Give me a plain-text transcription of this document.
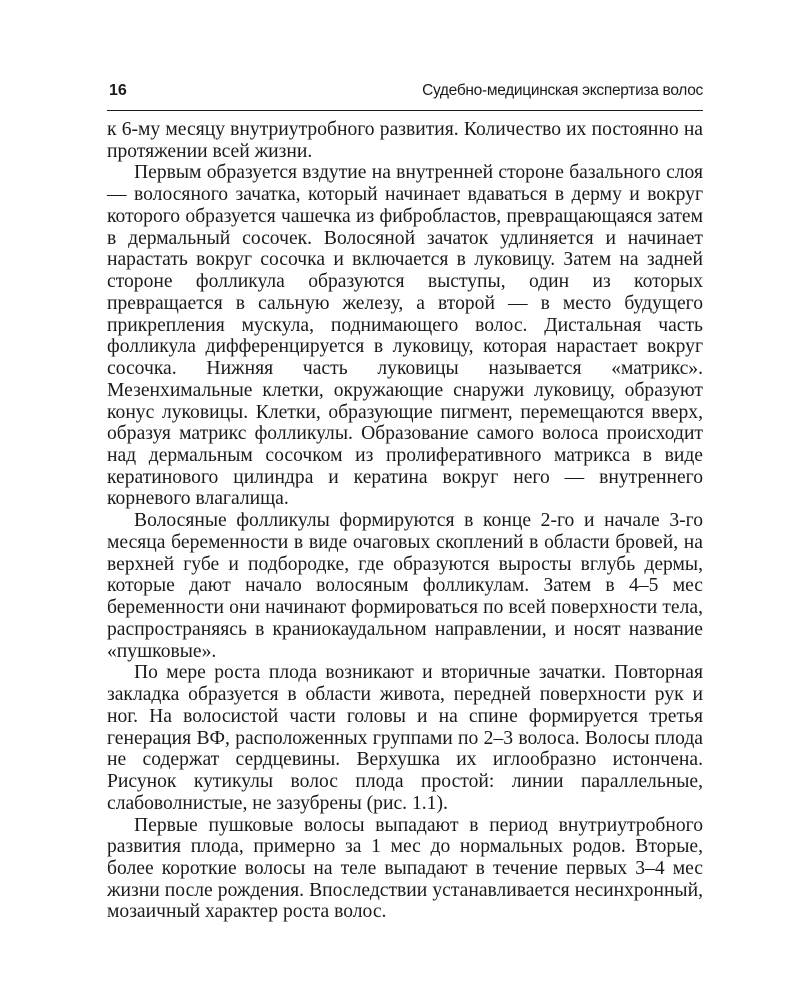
16	Судебно-медицинская экспертиза волос

к 6-му месяцу внутриутробного развития. Количество их постоянно на протяжении всей жизни.

Первым образуется вздутие на внутренней стороне базального слоя — волосяного зачатка, который начинает вдаваться в дерму и вокруг которого образуется чашечка из фибробластов, превращающаяся затем в дермальный сосочек. Волосяной зачаток удлиняется и начинает нарастать вокруг сосочка и включается в луковицу. Затем на задней стороне фолликула образуются выступы, один из которых превращается в сальную железу, а второй — в место будущего прикрепления мускула, поднимающего волос. Дистальная часть фолликула дифференцируется в луковицу, которая нарастает вокруг сосочка. Нижняя часть луковицы называется «матрикс». Мезенхимальные клетки, окружающие снаружи луковицу, образуют конус луковицы. Клетки, образующие пигмент, перемещаются вверх, образуя матрикс фолликулы. Образование самого волоса происходит над дермальным сосочком из пролиферативного матрикса в виде кератинового цилиндра и кератина вокруг него — внутреннего корневого влагалища.

Волосяные фолликулы формируются в конце 2-го и начале 3-го месяца беременности в виде очаговых скоплений в области бровей, на верхней губе и подбородке, где образуются выросты вглубь дермы, которые дают начало волосяным фолликулам. Затем в 4–5 мес беременности они начинают формироваться по всей поверхности тела, распространяясь в краниокаудальном направлении, и носят название «пушковые».

По мере роста плода возникают и вторичные зачатки. Повторная закладка образуется в области живота, передней поверхности рук и ног. На волосистой части головы и на спине формируется третья генерация ВФ, расположенных группами по 2–3 волоса. Волосы плода не содержат сердцевины. Верхушка их иглообразно истончена. Рисунок кутикулы волос плода простой: линии параллельные, слабоволнистые, не зазубрены (рис. 1.1).

Первые пушковые волосы выпадают в период внутриутробного развития плода, примерно за 1 мес до нормальных родов. Вторые, более короткие волосы на теле выпадают в течение первых 3–4 мес жизни после рождения. Впоследствии устанавливается несинхронный, мозаичный характер роста волос.
